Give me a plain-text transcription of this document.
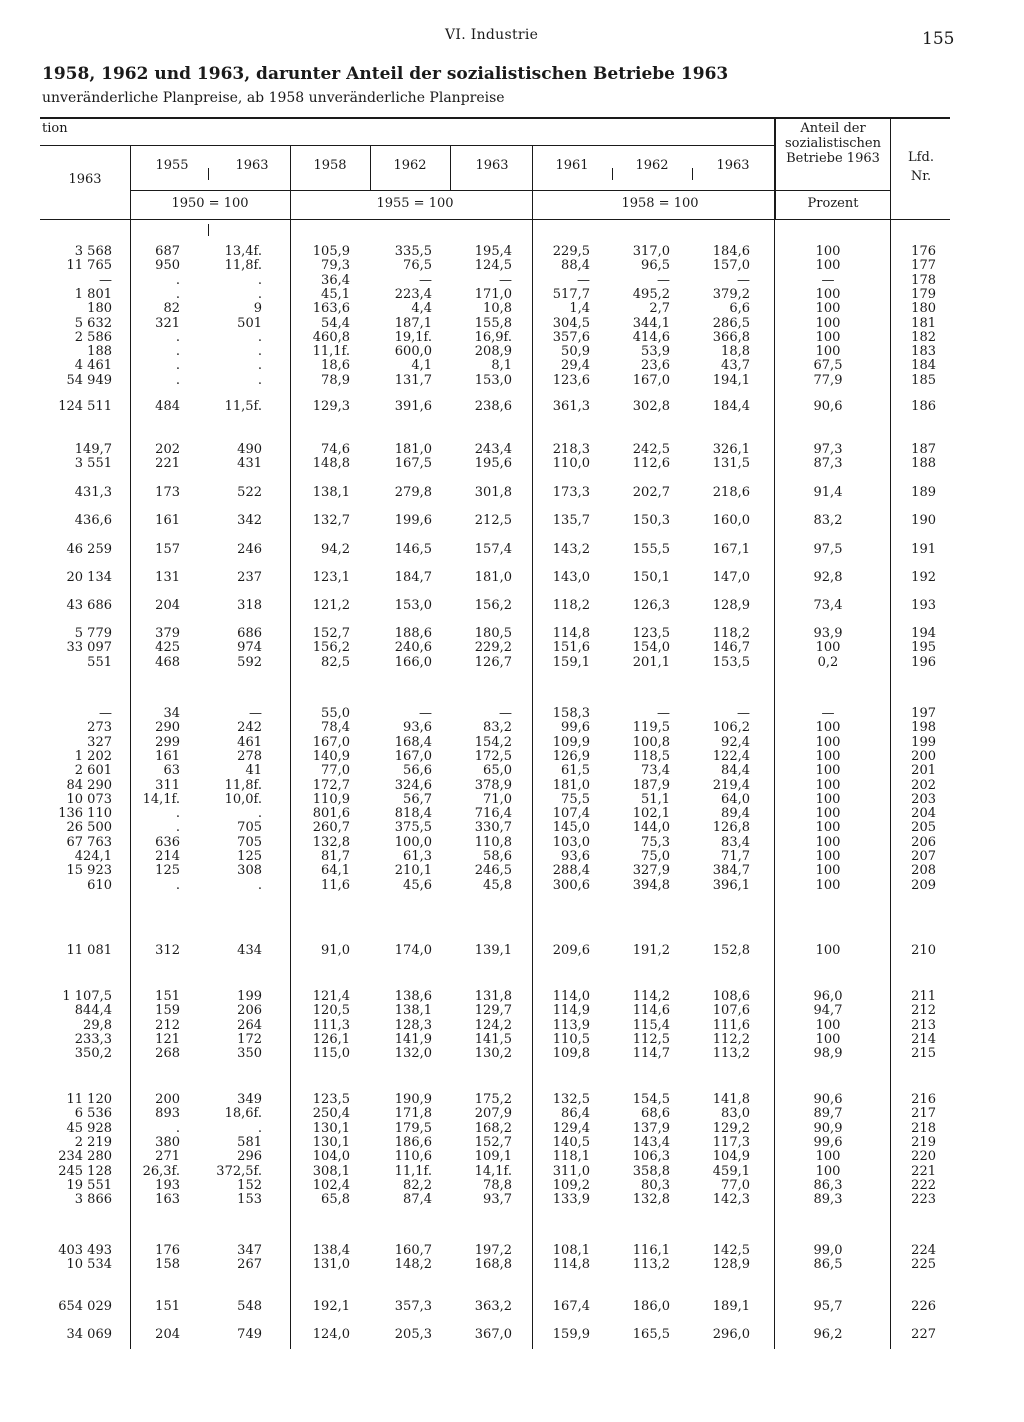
VI. Industrie	155
1958, 1962 und 1963, darunter Anteil der sozialistischen Betriebe 1963
unveränderliche Planpreise, ab 1958 unveränderliche Planpreise
tion
1963
1955	1963	1958	1962	1963	1961	1962	1963
1950 = 100	1955 = 100	1958 = 100
Anteil der sozialistischen Betriebe 1963
Prozent
Lfd.
Nr.
3 568	687	13,4f.	105,9	335,5	195,4	229,5	317,0	184,6	100	176
11 765	950	11,8f.	79,3	76,5	124,5	88,4	96,5	157,0	100	177
—	.	.	36,4	—	—	—	—	—	—	178
1 801	.	.	45,1	223,4	171,0	517,7	495,2	379,2	100	179
180	82	9	163,6	4,4	10,8	1,4	2,7	6,6	100	180
5 632	321	501	54,4	187,1	155,8	304,5	344,1	286,5	100	181
2 586	.	.	460,8	19,1f.	16,9f.	357,6	414,6	366,8	100	182
188	.	.	11,1f.	600,0	208,9	50,9	53,9	18,8	100	183
4 461	.	.	18,6	4,1	8,1	29,4	23,6	43,7	67,5	184
54 949	.	.	78,9	131,7	153,0	123,6	167,0	194,1	77,9	185
124 511	484	11,5f.	129,3	391,6	238,6	361,3	302,8	184,4	90,6	186
149,7	202	490	74,6	181,0	243,4	218,3	242,5	326,1	97,3	187
3 551	221	431	148,8	167,5	195,6	110,0	112,6	131,5	87,3	188
431,3	173	522	138,1	279,8	301,8	173,3	202,7	218,6	91,4	189
436,6	161	342	132,7	199,6	212,5	135,7	150,3	160,0	83,2	190
46 259	157	246	94,2	146,5	157,4	143,2	155,5	167,1	97,5	191
20 134	131	237	123,1	184,7	181,0	143,0	150,1	147,0	92,8	192
43 686	204	318	121,2	153,0	156,2	118,2	126,3	128,9	73,4	193
5 779	379	686	152,7	188,6	180,5	114,8	123,5	118,2	93,9	194
33 097	425	974	156,2	240,6	229,2	151,6	154,0	146,7	100	195
551	468	592	82,5	166,0	126,7	159,1	201,1	153,5	0,2	196
—	34	—	55,0	—	—	158,3	—	—	—	197
273	290	242	78,4	93,6	83,2	99,6	119,5	106,2	100	198
327	299	461	167,0	168,4	154,2	109,9	100,8	92,4	100	199
1 202	161	278	140,9	167,0	172,5	126,9	118,5	122,4	100	200
2 601	63	41	77,0	56,6	65,0	61,5	73,4	84,4	100	201
84 290	311	11,8f.	172,7	324,6	378,9	181,0	187,9	219,4	100	202
10 073	14,1f.	10,0f.	110,9	56,7	71,0	75,5	51,1	64,0	100	203
136 110	.	.	801,6	818,4	716,4	107,4	102,1	89,4	100	204
26 500	.	705	260,7	375,5	330,7	145,0	144,0	126,8	100	205
67 763	636	705	132,8	100,0	110,8	103,0	75,3	83,4	100	206
424,1	214	125	81,7	61,3	58,6	93,6	75,0	71,7	100	207
15 923	125	308	64,1	210,1	246,5	288,4	327,9	384,7	100	208
610	.	.	11,6	45,6	45,8	300,6	394,8	396,1	100	209
11 081	312	434	91,0	174,0	139,1	209,6	191,2	152,8	100	210
1 107,5	151	199	121,4	138,6	131,8	114,0	114,2	108,6	96,0	211
844,4	159	206	120,5	138,1	129,7	114,9	114,6	107,6	94,7	212
29,8	212	264	111,3	128,3	124,2	113,9	115,4	111,6	100	213
233,3	121	172	126,1	141,9	141,5	110,5	112,5	112,2	100	214
350,2	268	350	115,0	132,0	130,2	109,8	114,7	113,2	98,9	215
11 120	200	349	123,5	190,9	175,2	132,5	154,5	141,8	90,6	216
6 536	893	18,6f.	250,4	171,8	207,9	86,4	68,6	83,0	89,7	217
45 928	.	.	130,1	179,5	168,2	129,4	137,9	129,2	90,9	218
2 219	380	581	130,1	186,6	152,7	140,5	143,4	117,3	99,6	219
234 280	271	296	104,0	110,6	109,1	118,1	106,3	104,9	100	220
245 128	26,3f.	372,5f.	308,1	11,1f.	14,1f.	311,0	358,8	459,1	100	221
19 551	193	152	102,4	82,2	78,8	109,2	80,3	77,0	86,3	222
3 866	163	153	65,8	87,4	93,7	133,9	132,8	142,3	89,3	223
403 493	176	347	138,4	160,7	197,2	108,1	116,1	142,5	99,0	224
10 534	158	267	131,0	148,2	168,8	114,8	113,2	128,9	86,5	225
654 029	151	548	192,1	357,3	363,2	167,4	186,0	189,1	95,7	226
34 069	204	749	124,0	205,3	367,0	159,9	165,5	296,0	96,2	227
